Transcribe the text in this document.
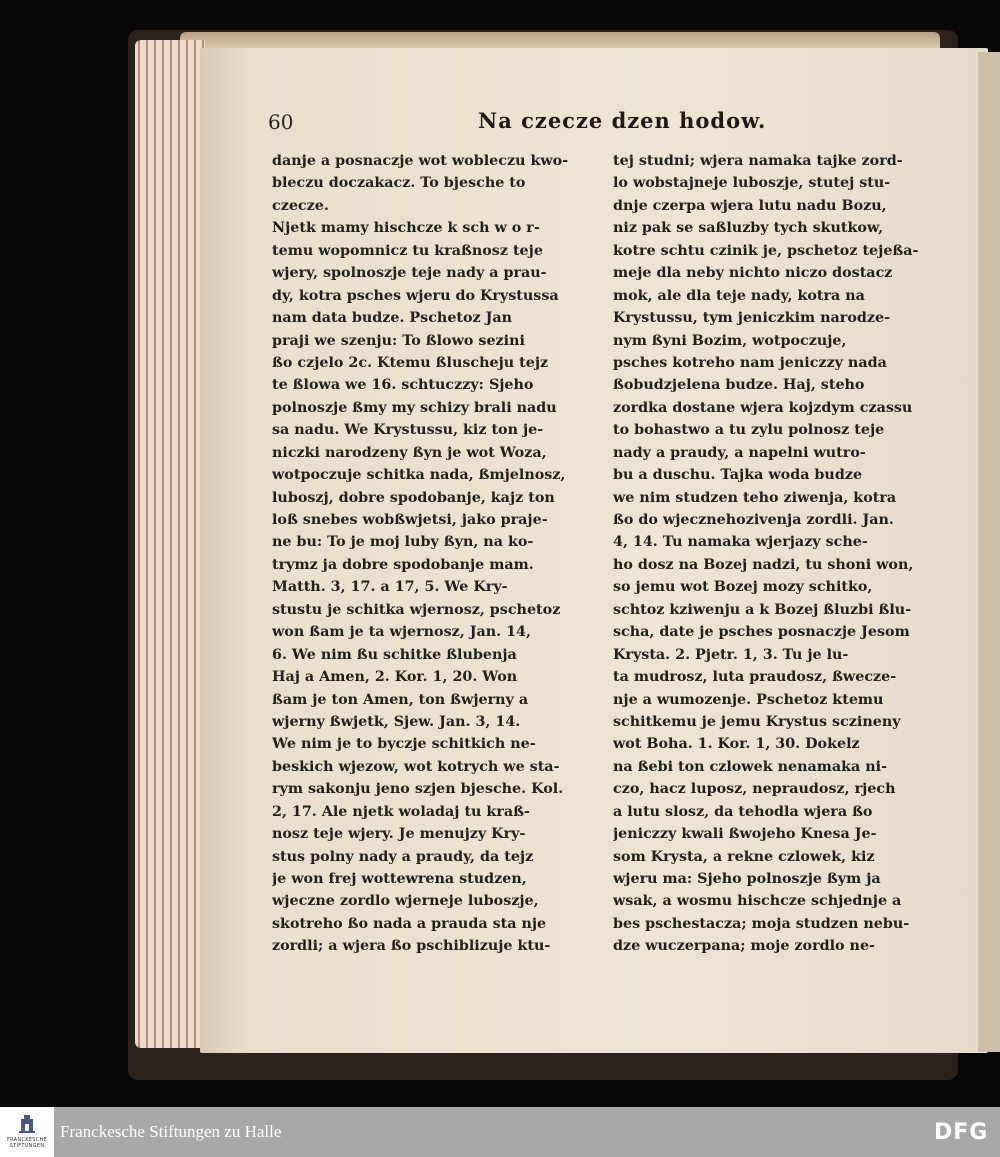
60	Na czecze dzen hodow.
danje a posnaczje wot wobleczu kwo-
bleczu doczakacz. To bjesche to
czecze.
Njetk mamy hischcze k sch w o r-
temu wopomnicz tu kraßnosz teje
wjery, spolnoszje teje nady a prau-
dy, kotra psches wjeru do Krystussa
nam data budze. Pschetoz Jan
praji we szenju: To ßlowo sezini
ßo czjelo 2c. Ktemu ßluscheju tejz
te ßlowa we 16. schtuczzy: Sjeho
polnoszje ßmy my schizy brali nadu
sa nadu. We Krystussu, kiz ton je-
niczki narodzeny ßyn je wot Woza,
wotpoczuje schitka nada, ßmjelnosz,
luboszj, dobre spodobanje, kajz ton
loß snebes wobßwjetsi, jako praje-
ne bu: To je moj luby ßyn, na ko-
trymz ja dobre spodobanje mam.
Matth. 3, 17. a 17, 5. We Kry-
stustu je schitka wjernosz, pschetoz
won ßam je ta wjernosz, Jan. 14,
6. We nim ßu schitke ßlubenja
Haj a Amen, 2. Kor. 1, 20. Won
ßam je ton Amen, ton ßwjerny a
wjerny ßwjetk, Sjew. Jan. 3, 14.
We nim je to byczje schitkich ne-
beskich wjezow, wot kotrych we sta-
rym sakonju jeno szjen bjesche. Kol.
2, 17. Ale njetk woladaj tu kraß-
nosz teje wjery. Je menujzy Kry-
stus polny nady a praudy, da tejz
je won frej wottewrena studzen,
wjeczne zordlo wjerneje luboszje,
skotreho ßo nada a prauda sta nje
zordli; a wjera ßo pschiblizuje ktu-
tej studni; wjera namaka tajke zord-
lo wobstajneje luboszje, stutej stu-
dnje czerpa wjera lutu nadu Bozu,
niz pak se saßluzby tych skutkow,
kotre schtu czinik je, pschetoz tejeßa-
meje dla neby nichto niczo dostacz
mok, ale dla teje nady, kotra na
Krystussu, tym jeniczkim narodze-
nym ßyni Bozim, wotpoczuje,
psches kotreho nam jeniczzy nada
ßobudzjelena budze. Haj, steho
zordka dostane wjera kojzdym czassu
to bohastwo a tu zylu polnosz teje
nady a praudy, a napelni wutro-
bu a duschu. Tajka woda budze
we nim studzen teho ziwenja, kotra
ßo do wjecznehozivenja zordli. Jan.
4, 14. Tu namaka wjerjazy sche-
ho dosz na Bozej nadzi, tu shoni won,
so jemu wot Bozej mozy schitko,
schtoz kziwenju a k Bozej ßluzbi ßlu-
scha, date je psches posnaczje Jesom
Krysta. 2. Pjetr. 1, 3. Tu je lu-
ta mudrosz, luta praudosz, ßwecze-
nje a wumozenje. Pschetoz ktemu
schitkemu je jemu Krystus sczineny
wot Boha. 1. Kor. 1, 30. Dokelz
na ßebi ton czlowek nenamaka ni-
czo, hacz luposz, nepraudosz, rjech
a lutu slosz, da tehodla wjera ßo
jeniczzy kwali ßwojeho Knesa Je-
som Krysta, a rekne czlowek, kiz
wjeru ma: Sjeho polnoszje ßym ja
wsak, a wosmu hischcze schjednje a
bes pschestacza; moja studzen nebu-
dze wuczerpana; moje zordlo ne-
FRANCKESCHE STIFTUNGEN
Franckesche Stiftungen zu Halle	DFG
